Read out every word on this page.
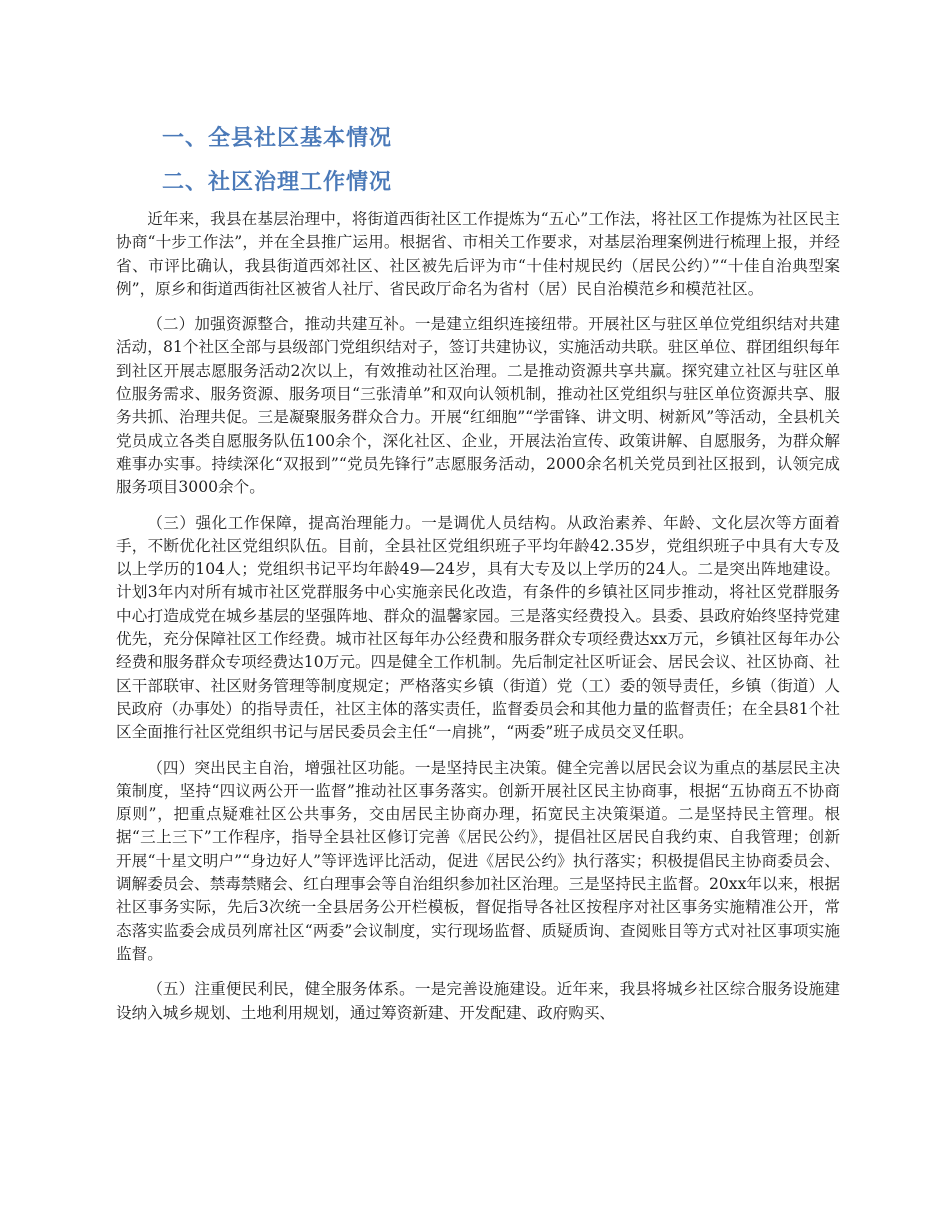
一、全县社区基本情况
二、社区治理工作情况

近年来，我县在基层治理中，将街道西街社区工作提炼为“五心”工作法，将社区工作提炼为社区民主协商“十步工作法”，并在全县推广运用。根据省、市相关工作要求，对基层治理案例进行梳理上报，并经省、市评比确认，我县街道西郊社区、社区被先后评为市“十佳村规民约（居民公约）”“十佳自治典型案例”，原乡和街道西街社区被省人社厅、省民政厅命名为省村（居）民自治模范乡和模范社区。

（二）加强资源整合，推动共建互补。一是建立组织连接纽带。开展社区与驻区单位党组织结对共建活动，81个社区全部与县级部门党组织结对子，签订共建协议，实施活动共联。驻区单位、群团组织每年到社区开展志愿服务活动2次以上，有效推动社区治理。二是推动资源共享共赢。探究建立社区与驻区单位服务需求、服务资源、服务项目“三张清单”和双向认领机制，推动社区党组织与驻区单位资源共享、服务共抓、治理共促。三是凝聚服务群众合力。开展“红细胞”“学雷锋、讲文明、树新风”等活动，全县机关党员成立各类自愿服务队伍100余个，深化社区、企业，开展法治宣传、政策讲解、自愿服务，为群众解难事办实事。持续深化“双报到”“党员先锋行”志愿服务活动，2000余名机关党员到社区报到，认领完成服务项目3000余个。

（三）强化工作保障，提高治理能力。一是调优人员结构。从政治素养、年龄、文化层次等方面着手，不断优化社区党组织队伍。目前，全县社区党组织班子平均年龄42.35岁，党组织班子中具有大专及以上学历的104人；党组织书记平均年龄49—24岁，具有大专及以上学历的24人。二是突出阵地建设。计划3年内对所有城市社区党群服务中心实施亲民化改造，有条件的乡镇社区同步推动，将社区党群服务中心打造成党在城乡基层的坚强阵地、群众的温馨家园。三是落实经费投入。县委、县政府始终坚持党建优先，充分保障社区工作经费。城市社区每年办公经费和服务群众专项经费达xx万元，乡镇社区每年办公经费和服务群众专项经费达10万元。四是健全工作机制。先后制定社区听证会、居民会议、社区协商、社区干部联审、社区财务管理等制度规定；严格落实乡镇（街道）党（工）委的领导责任，乡镇（街道）人民政府（办事处）的指导责任，社区主体的落实责任，监督委员会和其他力量的监督责任；在全县81个社区全面推行社区党组织书记与居民委员会主任“一肩挑”，“两委”班子成员交叉任职。

（四）突出民主自治，增强社区功能。一是坚持民主决策。健全完善以居民会议为重点的基层民主决策制度，坚持“四议两公开一监督”推动社区事务落实。创新开展社区民主协商事，根据“五协商五不协商原则”，把重点疑难社区公共事务，交由居民主协商办理，拓宽民主决策渠道。二是坚持民主管理。根据“三上三下”工作程序，指导全县社区修订完善《居民公约》，提倡社区居民自我约束、自我管理；创新开展“十星文明户”“身边好人”等评选评比活动，促进《居民公约》执行落实；积极提倡民主协商委员会、调解委员会、禁毒禁赌会、红白理事会等自治组织参加社区治理。三是坚持民主监督。20xx年以来，根据社区事务实际，先后3次统一全县居务公开栏模板，督促指导各社区按程序对社区事务实施精准公开，常态落实监委会成员列席社区“两委”会议制度，实行现场监督、质疑质询、查阅账目等方式对社区事项实施监督。

（五）注重便民利民，健全服务体系。一是完善设施建设。近年来，我县将城乡社区综合服务设施建设纳入城乡规划、土地利用规划，通过筹资新建、开发配建、政府购买、
